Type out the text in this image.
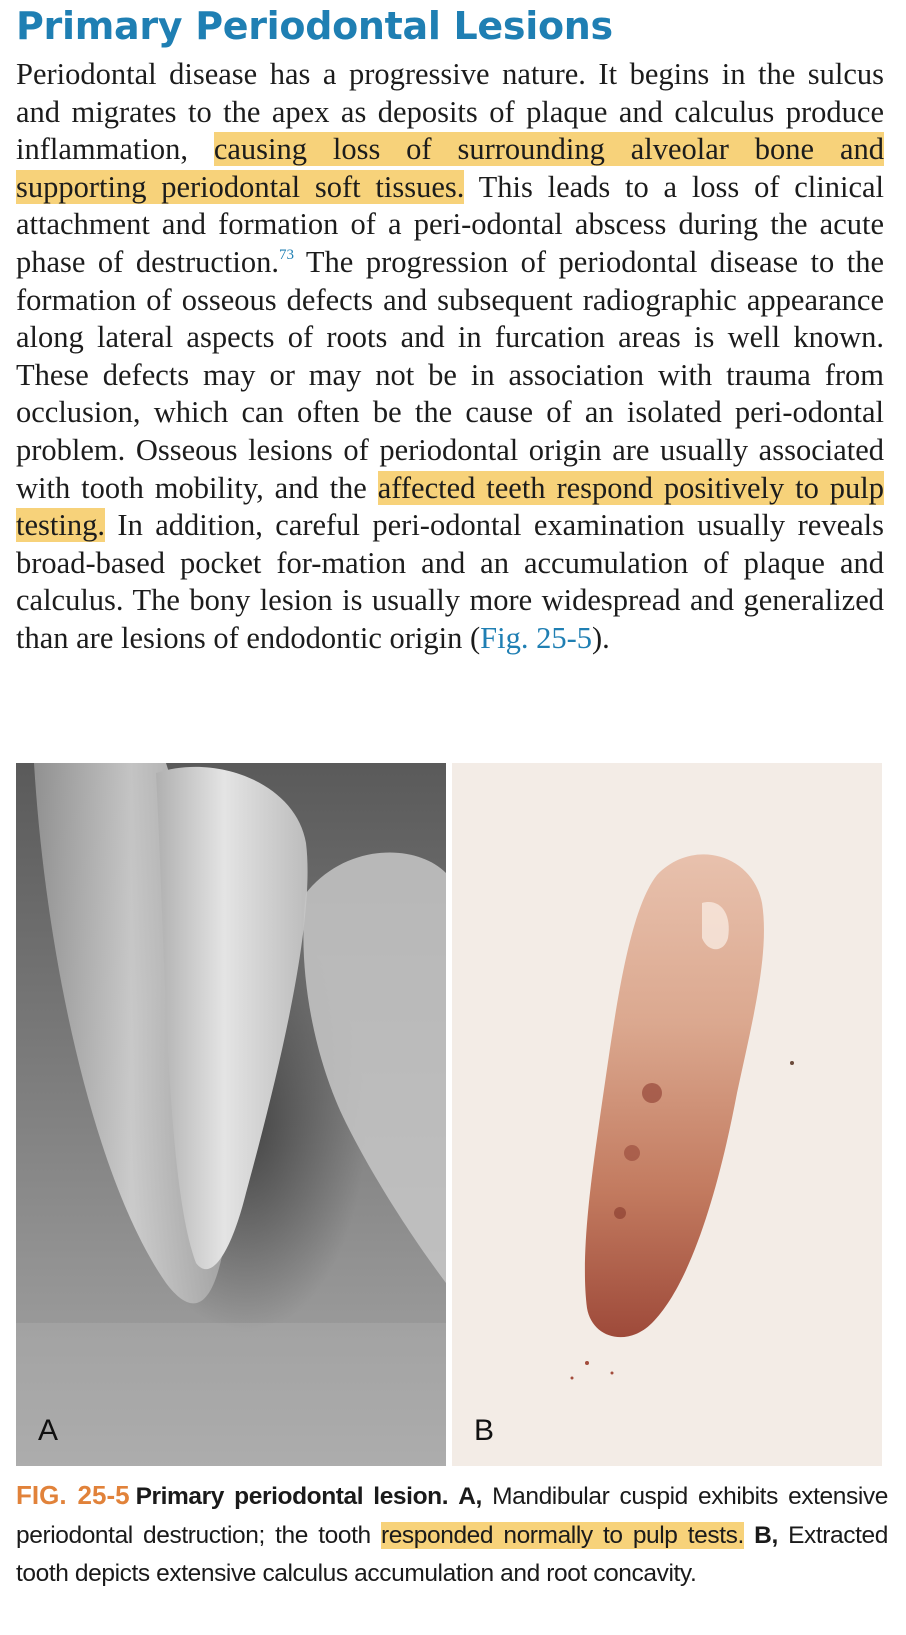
Primary Periodontal Lesions

Periodontal disease has a progressive nature. It begins in the sulcus and migrates to the apex as deposits of plaque and calculus produce inflammation, causing loss of surrounding alveolar bone and supporting periodontal soft tissues. This leads to a loss of clinical attachment and formation of a peri-odontal abscess during the acute phase of destruction.$^{73}$ The progression of periodontal disease to the formation of osseous defects and subsequent radiographic appearance along lateral aspects of roots and in furcation areas is well known. These defects may or may not be in association with trauma from occlusion, which can often be the cause of an isolated peri-odontal problem. Osseous lesions of periodontal origin are usually associated with tooth mobility, and the affected teeth respond positively to pulp testing. In addition, careful peri-odontal examination usually reveals broad-based pocket for-mation and an accumulation of plaque and calculus. The bony lesion is usually more widespread and generalized than are lesions of endodontic origin (Fig. 25-5).

A	B

FIG. 25-5 Primary periodontal lesion. A, Mandibular cuspid exhibits extensive periodontal destruction; the tooth responded normally to pulp tests. B, Extracted tooth depicts extensive calculus accumulation and root concavity.
